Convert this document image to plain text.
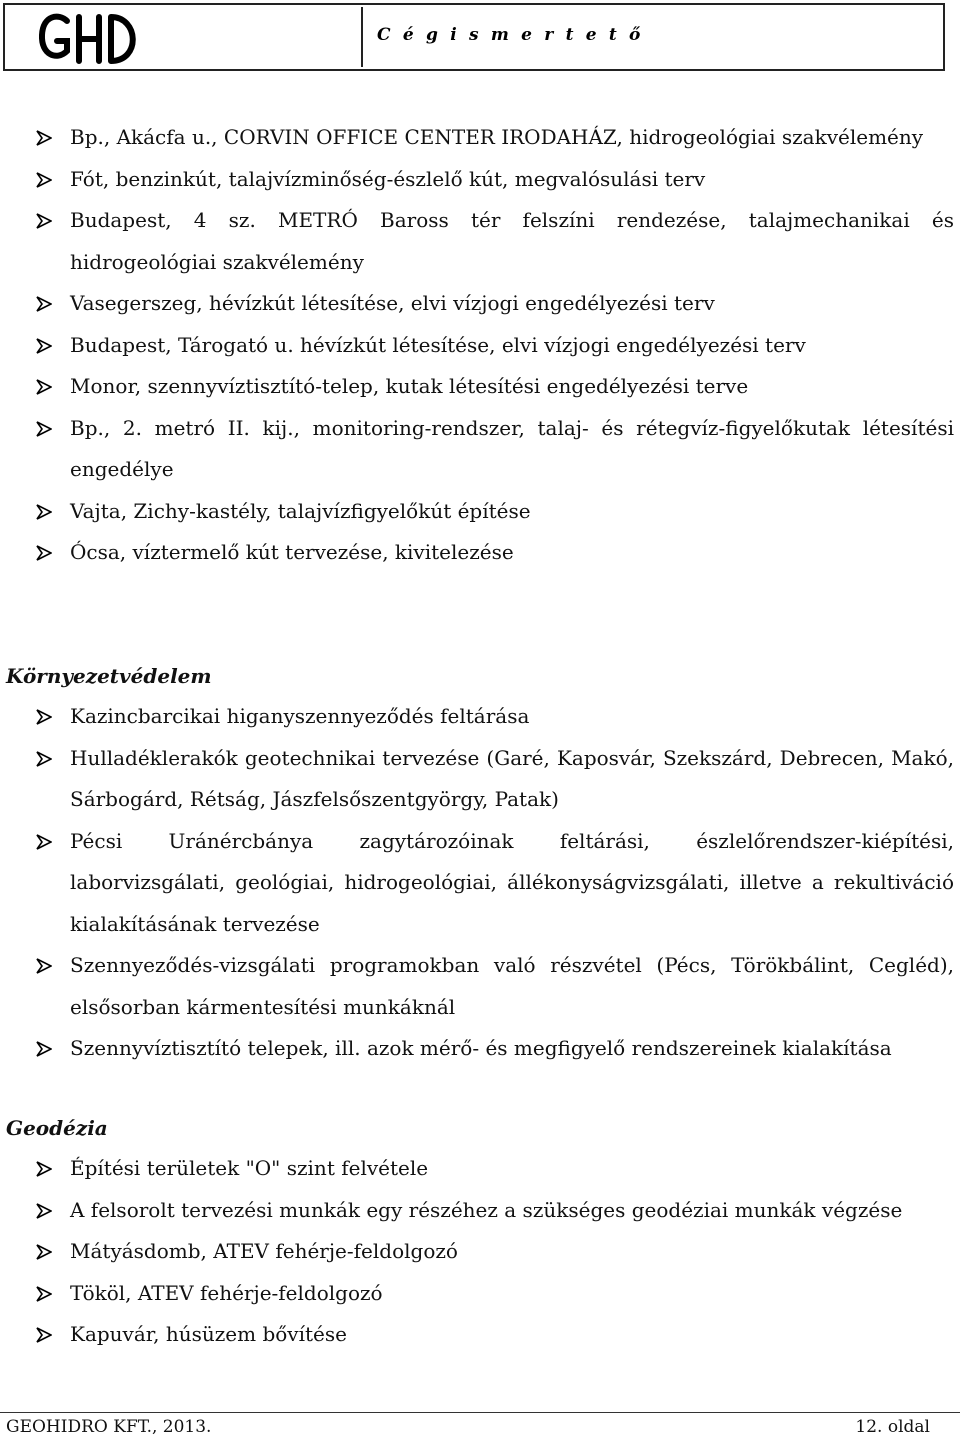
C é g i s m e r t e t ő
Bp., Akácfa u., CORVIN OFFICE CENTER IRODAHÁZ, hidrogeológiai szakvélemény
Fót, benzinkút, talajvízminőség-észlelő kút, megvalósulási terv
Budapest, 4 sz. METRÓ Baross tér felszíni rendezése, talajmechanikai és hidrogeológiai szakvélemény
Vasegerszeg, hévízkút létesítése, elvi vízjogi engedélyezési terv
Budapest, Tárogató u. hévízkút létesítése, elvi vízjogi engedélyezési terv
Monor, szennyvíztisztító-telep, kutak létesítési engedélyezési terve
Bp., 2. metró II. kij., monitoring-rendszer, talaj- és rétegvíz-figyelőkutak létesítési engedélye
Vajta, Zichy-kastély, talajvízfigyelőkút építése
Ócsa, víztermelő kút tervezése, kivitelezése
Környezetvédelem
Kazincbarcikai higanyszennyeződés feltárása
Hulladéklerakók geotechnikai tervezése (Garé, Kaposvár, Szekszárd, Debrecen, Makó, Sárbogárd, Rétság, Jászfelsőszentgyörgy, Patak)
Pécsi Uránércbánya zagytározóinak feltárási, észlelőrendszer-kiépítési, laborvizsgálati, geológiai, hidrogeológiai, állékonyságvizsgálati, illetve a rekultiváció kialakításának tervezése
Szennyeződés-vizsgálati programokban való részvétel (Pécs, Törökbálint, Cegléd), elsősorban kármentesítési munkáknál
Szennyvíztisztító telepek, ill. azok mérő- és megfigyelő rendszereinek kialakítása
Geodézia
Építési területek "O" szint felvétele
A felsorolt tervezési munkák egy részéhez a szükséges geodéziai munkák végzése
Mátyásdomb, ATEV fehérje-feldolgozó
Tököl, ATEV fehérje-feldolgozó
Kapuvár, húsüzem bővítése
GEOHIDRO KFT., 2013.	12. oldal
